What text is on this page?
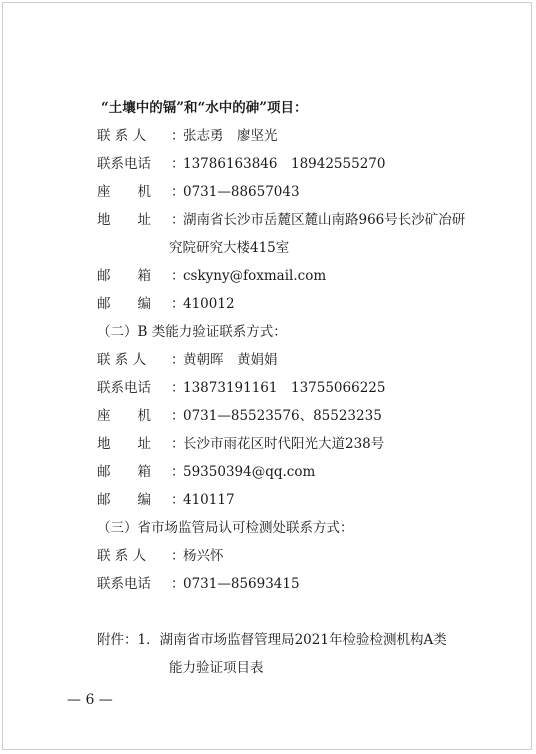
“土壤中的镉”和“水中的砷”项目：
联 系 人 ：张志勇　廖坚光
联系电话 ：13786163846　18942555270
座　　机 ：0731—88657043
地　　址 ：湖南省长沙市岳麓区麓山南路966号长沙矿冶研
究院研究大楼415室
邮　　箱 ：cskyny@foxmail.com
邮　　编 ：410012
（二）B 类能力验证联系方式：
联 系 人 ：黄朝晖　黄娟娟
联系电话 ：13873191161　13755066225
座　　机 ：0731—85523576、85523235
地　　址 ：长沙市雨花区时代阳光大道238号
邮　　箱 ：59350394@qq.com
邮　　编 ：410117
（三）省市场监管局认可检测处联系方式：
联 系 人 ：杨兴怀
联系电话 ：0731—85693415
附件：1．湖南省市场监督管理局2021年检验检测机构A类
能力验证项目表
— 6 —
